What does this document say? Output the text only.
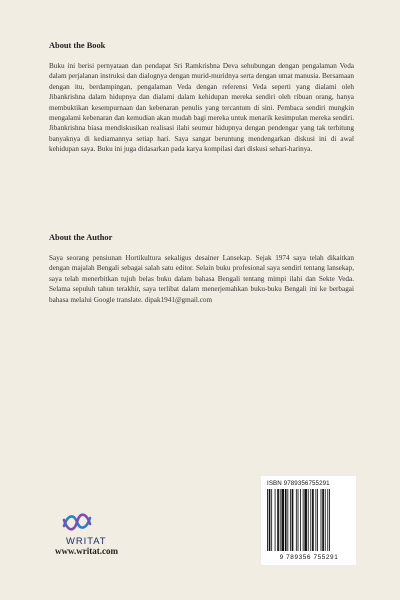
About the Book

Buku ini berisi pernyataan dan pendapat Sri Ramkrishna Deva sehubungan dengan pengalaman Veda dalam perjalanan instruksi dan dialognya dengan murid-muridnya serta dengan umat manusia. Bersamaan dengan itu, berdampingan, pengalaman Veda dengan referensi Veda seperti yang dialami oleh Jibankrishna dalam hidupnya dan dialami dalam kehidupan mereka sendiri oleh ribuan orang, hanya membuktikan kesempurnaan dan kebenaran penulis yang tercantum di sini. Pembaca sendiri mungkin mengalami kebenaran dan kemudian akan mudah bagi mereka untuk menarik kesimpulan mereka sendiri. Jibankrishna biasa mendiskusikan realisasi ilahi seumur hidupnya dengan pendengar yang tak terhitung banyaknya di kediamannya setiap hari. Saya sangat beruntung mendengarkan diskusi ini di awal kehidupan saya. Buku ini juga didasarkan pada karya kompilasi dari diskusi sehari-harinya.

About the Author

Saya seorang pensiunan Hortikultura sekaligus desainer Lansekap. Sejak 1974 saya telah dikaitkan dengan majalah Bengali sebagai salah satu editor. Selain buku profesional saya sendiri tentang lansekap, saya telah menerbitkan tujuh belas buku dalam bahasa Bengali tentang mimpi ilahi dan Sekte Veda. Selama sepuluh tahun terakhir, saya terlibat dalam menerjemahkan buku-buku Bengali ini ke berbagai bahasa melalui Google translate. dipak1941@gmail.com

WRITAT
www.writat.com
ISBN 9789356755291
9 789356 755291
